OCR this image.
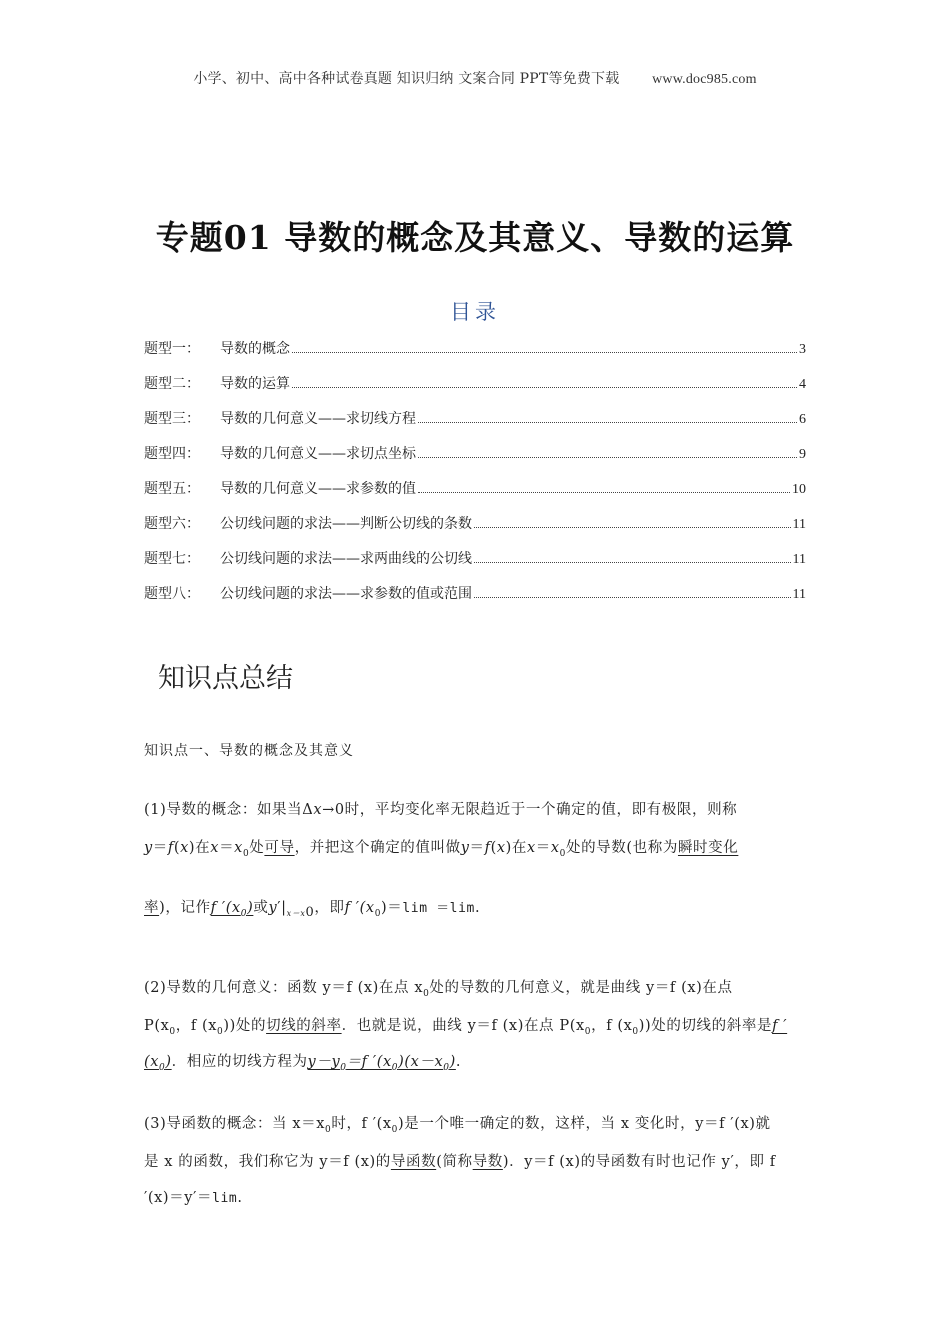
小学、初中、高中各种试卷真题 知识归纳 文案合同 PPT等免费下载 www.doc985.com
专题01 导数的概念及其意义、导数的运算
目录
题型一：	导数的概念	3
题型二：	导数的运算	4
题型三：	导数的几何意义——求切线方程	6
题型四：	导数的几何意义——求切点坐标	9
题型五：	导数的几何意义——求参数的值	10
题型六：	公切线问题的求法——判断公切线的条数	11
题型七：	公切线问题的求法——求两曲线的公切线	11
题型八：	公切线问题的求法——求参数的值或范围	11
知识点总结
知识点一、导数的概念及其意义
(1)导数的概念：如果当Δx→0时，平均变化率无限趋近于一个确定的值，即有极限，则称
y＝f(x)在$x=x_0$处可导，并把这个确定的值叫做y＝f(x)在$x=x_0$处的导数(也称为瞬时变化
率)，记作f $'(x_0)$或$y'|_{x=x0}$，即f $'(x_0)=\lim =\lim$.
(2)导数的几何意义：函数 y＝f (x)在点 $x_0$处的导数的几何意义，就是曲线 y＝f (x)在点
$P(x_0$，f $(x_0)$)处的切线的斜率．也就是说，曲线 y＝f (x)在点 $P(x_0$，f $(x_0)$)处的切线的斜率是f ′
$(x_0)$．相应的切线方程为$y-y_0=f$ $'(x_0)(x-x_0)$.
(3)导函数的概念：当 $x=x_0$时，f $'(x_0)$是一个唯一确定的数，这样，当 x 变化时，y＝f ′(x)就
是 x 的函数，我们称它为 y＝f (x)的导函数(简称导数)．y＝f (x)的导函数有时也记作 y′，即 f
′(x)＝y′＝lim.
